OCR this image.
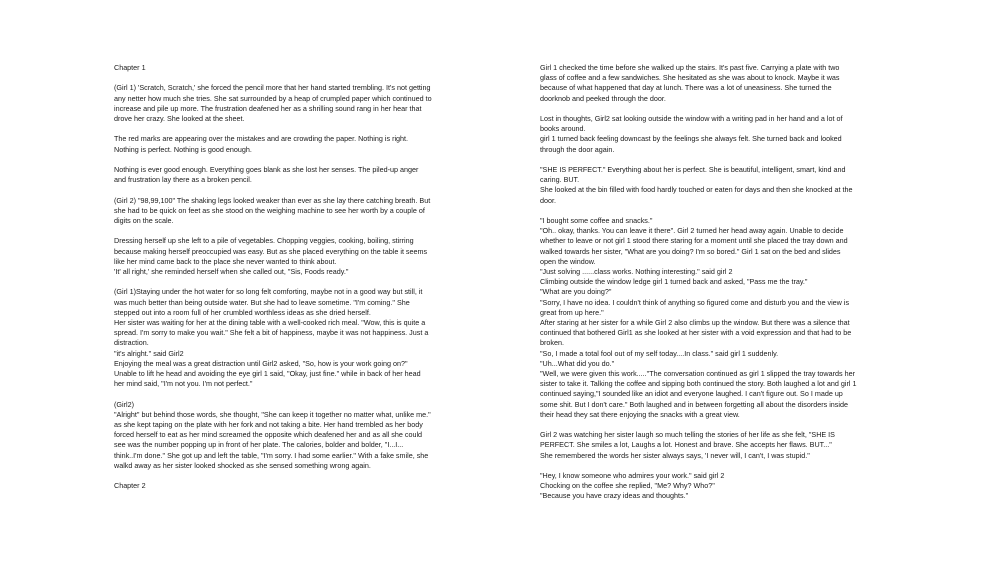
Chapter 1

(Girl 1) 'Scratch, Scratch,' she forced the pencil more that her hand started trembling. It's not getting any netter how much she tries. She sat surrounded by a heap of crumpled paper which continued to increase and pile up more. The frustration deafened her as a shrilling sound rang in her hear that drove her crazy. She looked at the sheet.

The red marks are appearing over the mistakes and are crowding the paper. Nothing is right. Nothing is perfect. Nothing is good enough.

Nothing is ever good enough. Everything goes blank as she lost her senses. The piled-up anger and frustration lay there as a broken pencil.

(Girl 2) "98,99,100" The shaking legs looked weaker than ever as she lay there catching breath. But she had to be quick on feet as she stood on the weighing machine to see her worth by a couple of digits on the scale.

Dressing herself up she left to a pile of vegetables. Chopping veggies, cooking, boiling, stirring because making herself preoccupied was easy. But as she placed everything on the table it seems like her mind came back to the place she never wanted to think about.
'It' all right,' she reminded herself when she called out, "Sis, Foods ready."

(Girl 1)Staying under the hot water for so long felt comforting, maybe not in a good way but still, it was much better than being outside water. But she had to leave sometime. "I'm coming." She stepped out into a room full of her crumbled worthless ideas as she dried herself.
Her sister was waiting for her at the dining table with a well-cooked rich meal. "Wow, this is quite a spread. I'm sorry to make you wait." She felt a bit of happiness, maybe it was not happiness. Just a distraction.
"it's alright." said Girl2
Enjoying the meal was a great distraction until Girl2 asked, "So, how is your work going on?"
Unable to lift he head and avoiding the eye girl 1 said, "Okay, just fine." while in back of her head her mind said, "I'm not you. I'm not perfect."

(Girl2)
"Alright" but behind those words, she thought, "She can keep it together no matter what, unlike me." as she kept taping on the plate with her fork and not taking a bite. Her hand trembled as her body forced herself to eat as her mind screamed the opposite which deafened her and as all she could see was the number popping up in front of her plate. The calories, bolder and bolder, "I...I... think..I'm done." She got up and left the table, "I'm sorry. I had some earlier." With a fake smile, she walkd away as her sister looked shocked as she sensed something wrong again.

Chapter 2

Girl 1 checked the time before she walked up the stairs. It's past five. Carrying a plate with two glass of coffee and a few sandwiches. She hesitated as she was about to knock. Maybe it was because of what happened that day at lunch. There was a lot of uneasiness. She turned the doorknob and peeked through the door.

Lost in thoughts, Girl2 sat looking outside the window with a writing pad in her hand and a lot of books around.
girl 1 turned back feeling downcast by the feelings she always felt. She turned back and looked through the door again.

"SHE IS PERFECT." Everything about her is perfect. She is beautiful, intelligent, smart, kind and caring. BUT.
She looked at the bin filled with food hardly touched or eaten for days and then she knocked at the door.

"I bought some coffee and snacks."
"Oh.. okay, thanks. You can leave it there". Girl 2 turned her head away again. Unable to decide whether to leave or not girl 1 stood there staring for a moment until she placed the tray down and walked towards her sister, "What are you doing? I'm so bored." Girl 1 sat on the bed and slides open the window.
"Just solving ......class works. Nothing interesting." said girl 2
Climbing outside the window ledge girl 1 turned back and asked, "Pass me the tray."
"What are you doing?"
"Sorry, I have no idea. I couldn't think of anything so figured come and disturb you and the view is great from up here."
After staring at her sister for a while Girl 2 also climbs up the window. But there was a silence that continued that bothered Girl1 as she looked at her sister with a void expression and that had to be broken.
"So, I made a total fool out of my self today....In class." said girl 1 suddenly.
"Uh...What did you do."
"Well, we were given this work....."The conversation continued as girl 1 slipped the tray towards her sister to take it. Talking the coffee and sipping both continued the story. Both laughed a lot and girl 1 continued saying,"I sounded like an idiot and everyone laughed. I can't figure out. So I made up some shit. But I don't care." Both laughed and in between forgetting all about the disorders inside their head they sat there enjoying the snacks with a great view.

Girl 2 was watching her sister laugh so much telling the stories of her life as she felt, "SHE IS PERFECT. She smiles a lot, Laughs a lot. Honest and brave. She accepts her flaws. BUT..."
She remembered the words her sister always says, 'I never will, I can't, I was stupid."

"Hey, I know someone who admires your work." said girl 2
Chocking on the coffee she replied, "Me? Why? Who?"
"Because you have crazy ideas and thoughts."
